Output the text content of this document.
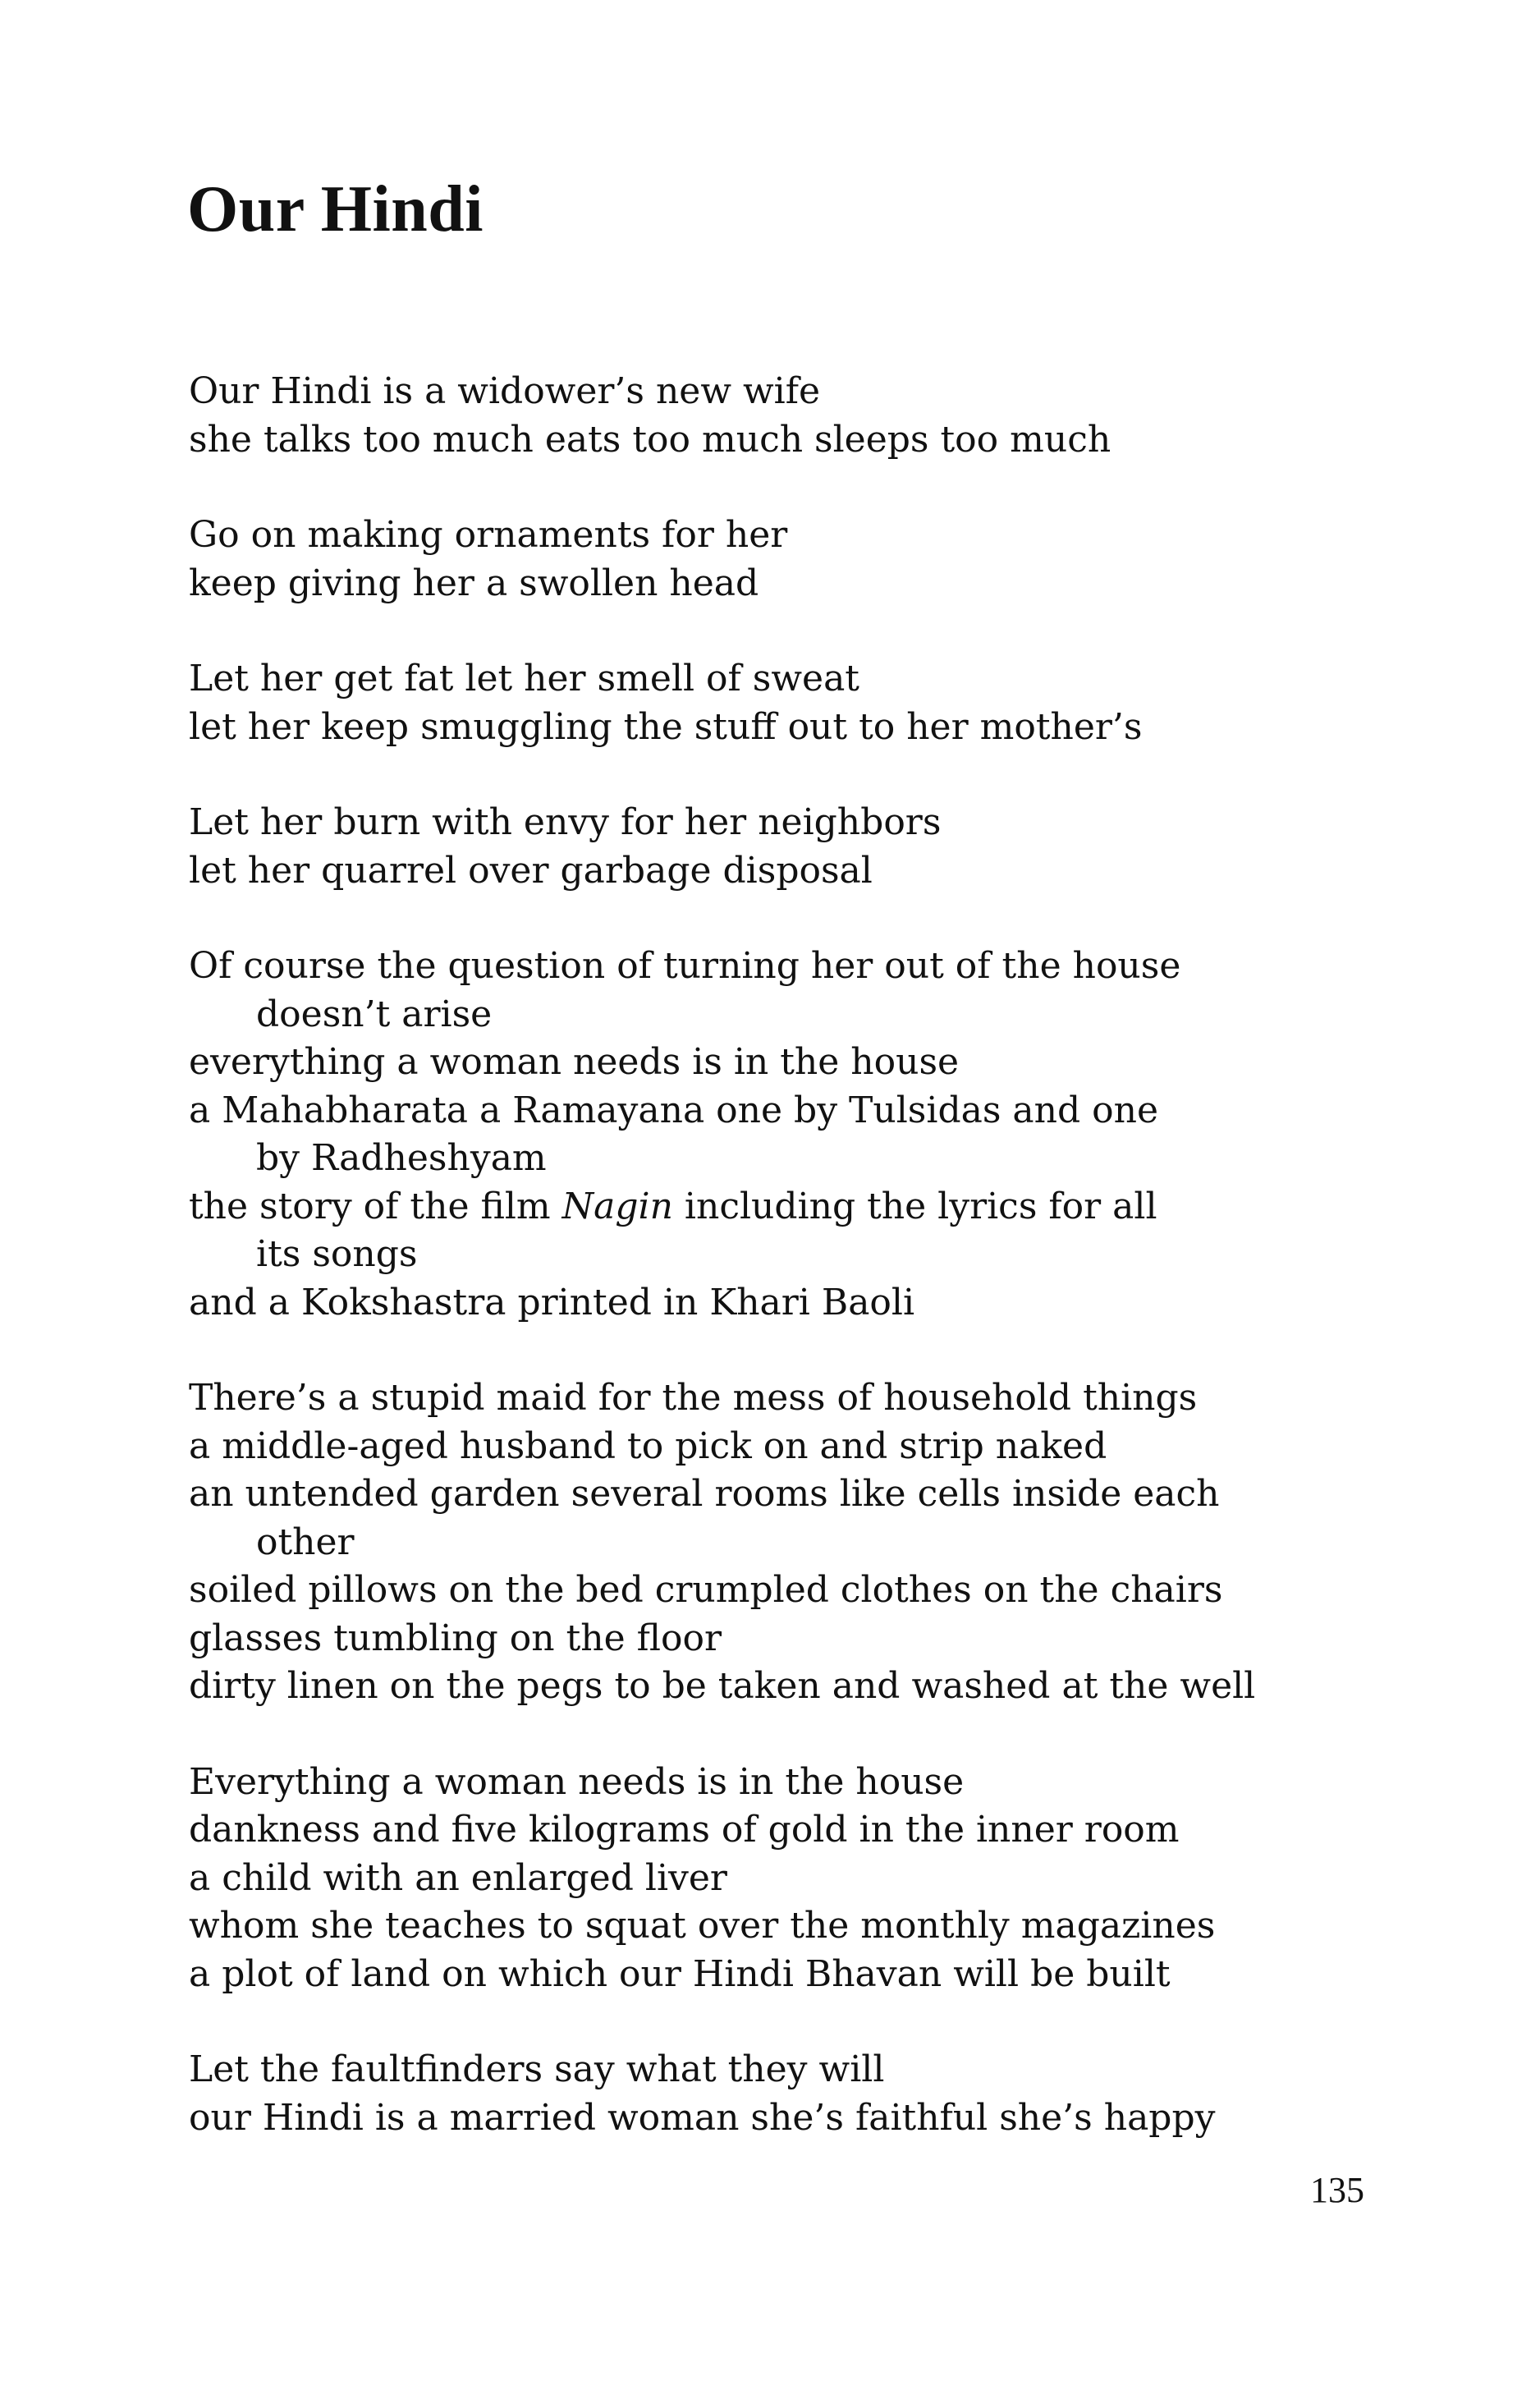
Our Hindi

Our Hindi is a widower’s new wife
she talks too much eats too much sleeps too much

Go on making ornaments for her
keep giving her a swollen head

Let her get fat let her smell of sweat
let her keep smuggling the stuff out to her mother’s

Let her burn with envy for her neighbors
let her quarrel over garbage disposal

Of course the question of turning her out of the house
doesn’t arise
everything a woman needs is in the house
a Mahabharata a Ramayana one by Tulsidas and one
by Radheshyam
the story of the film Nagin including the lyrics for all
its songs
and a Kokshastra printed in Khari Baoli

There’s a stupid maid for the mess of household things
a middle-aged husband to pick on and strip naked
an untended garden several rooms like cells inside each
other
soiled pillows on the bed crumpled clothes on the chairs
glasses tumbling on the floor
dirty linen on the pegs to be taken and washed at the well

Everything a woman needs is in the house
dankness and five kilograms of gold in the inner room
a child with an enlarged liver
whom she teaches to squat over the monthly magazines
a plot of land on which our Hindi Bhavan will be built

Let the faultfinders say what they will
our Hindi is a married woman she’s faithful she’s happy

135
